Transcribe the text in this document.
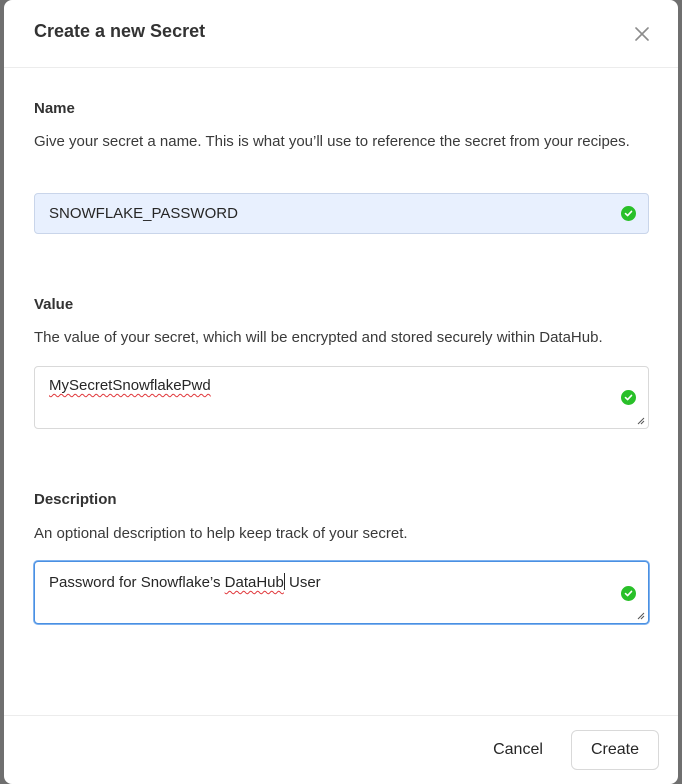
Create a new Secret
Name
Give your secret a name. This is what you’ll use to reference the secret from your recipes.
SNOWFLAKE_PASSWORD
Value
The value of your secret, which will be encrypted and stored securely within DataHub.
MySecretSnowflakePwd
Description
An optional description to help keep track of your secret.
Password for Snowflake’s DataHub User
Cancel	Create
